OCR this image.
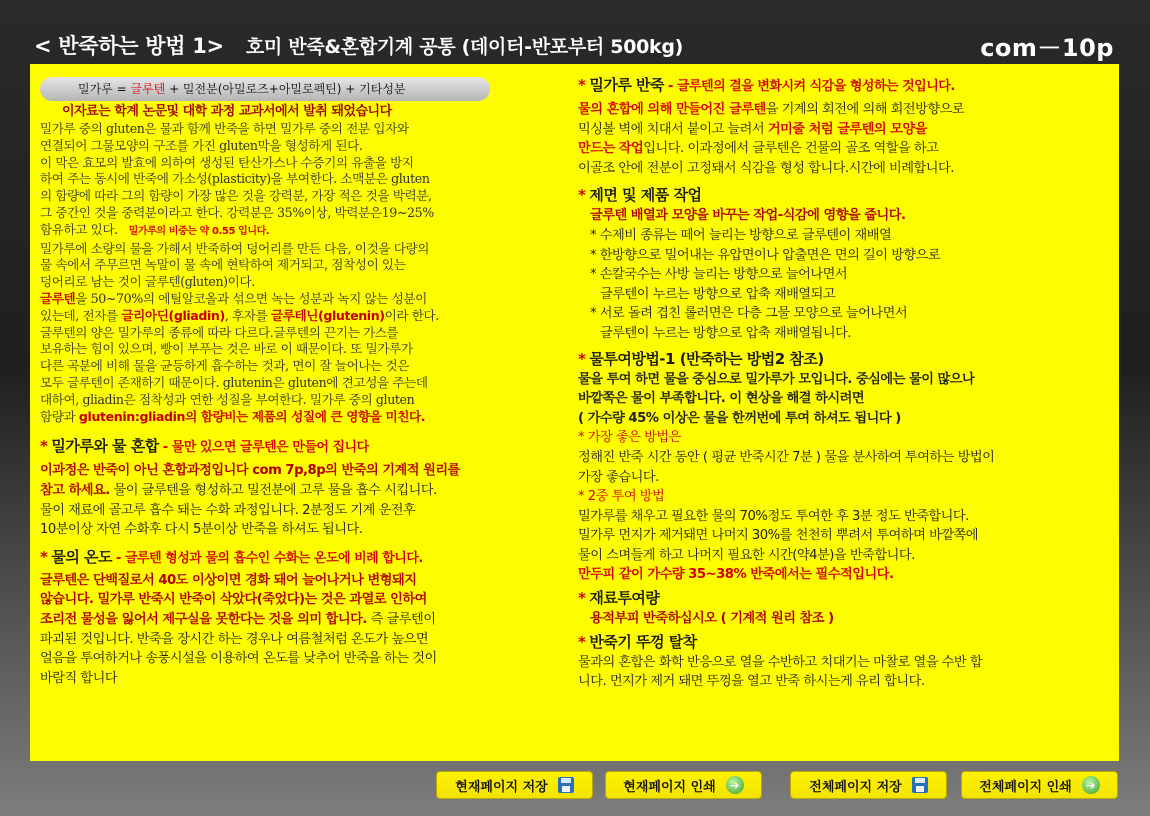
< 반죽하는 방법 1> 호미 반죽&혼합기계 공통 (데이터-반포부터 500kg)	com－10p
밀가루 = 글루텐 + 밀전분(아밀로즈+아밀로펙틴) + 기타성분

이자료는 학계 논문및 대학 과정 교과서에서 발취 돼었습니다

밀가루 중의 gluten은 물과 함께 반죽을 하면 밀가루 중의 전분 입자와

연결되어 그물모양의 구조를 가진 gluten막을 형성하게 된다.

이 막은 효모의 발효에 의하여 생성된 탄산가스나 수증기의 유출을 방지

하여 주는 동시에 반죽에 가소성(plasticity)을 부여한다. 소맥분은 gluten

의 함량에 따라 그의 함량이 가장 많은 것을 강력분, 가장 적은 것을 박력분,

그 중간인 것을 중력분이라고 한다. 강력분은 35%이상, 박력분은19~25%

함유하고 있다. 밀가루의 비중는 약 0.55 입니다.

밀가루에 소량의 물을 가해서 반죽하여 덩어리를 만든 다음, 이것을 다량의

물 속에서 주무르면 녹말이 물 속에 현탁하여 제거되고, 점착성이 있는

덩어리로 남는 것이 글루텐(gluten)이다.

글루텐을 50~70%의 에틸알코올과 섞으면 녹는 성분과 녹지 않는 성분이

있는데, 전자를 글리아딘(gliadin), 후자를 글루테닌(glutenin)이라 한다.

글루텐의 양은 밀가루의 종류에 따라 다르다.글루텐의 끈기는 가스를

보유하는 힘이 있으며, 빵이 부푸는 것은 바로 이 때문이다. 또 밀가루가

다른 곡분에 비해 물을 균등하게 흡수하는 것과, 면이 잘 늘어나는 것은

모두 글루텐이 존재하기 때문이다. glutenin은 gluten에 견고성을 주는데

대하여, gliadin은 점착성과 연한 성질을 부여한다. 밀가루 중의 gluten

함량과 glutenin:gliadin의 함량비는 제품의 성질에 큰 영향을 미친다.

* 밀가루와 물 혼합 - 물만 있으면 글루텐은 만들어 집니다

이과정은 반죽이 아닌 혼합과정입니다 com 7p,8p의 반죽의 기계적 원리를

참고 하세요. 물이 글루텐을 형성하고 밀전분에 고루 물을 흡수 시킵니다.

물이 재료에 골고루 흡수 돼는 수화 과정입니다. 2분정도 기계 운전후

10분이상 자연 수화후 다시 5분이상 반죽을 하셔도 됩니다.

* 물의 온도 - 글루텐 형성과 물의 흡수인 수화는 온도에 비례 합니다.

글루텐은 단백질로서 40도 이상이면 경화 돼어 늘어나거나 변형돼지

않습니다. 밀가루 반죽시 반죽이 삭았다(죽었다)는 것은 과열로 인하여

조리전 물성을 잃어서 제구실을 못한다는 것을 의미 합니다. 즉 글루텐이

파괴된 것입니다. 반죽을 장시간 하는 경우나 여름철처럼 온도가 높으면

얼음을 투여하거나 송풍시설을 이용하여 온도를 낮추어 반죽을 하는 것이

바람직 합니다

* 밀가루 반죽 - 글루텐의 결을 변화시켜 식감을 형성하는 것입니다.

물의 혼합에 의해 만들어진 글루텐을 기계의 회전에 의해 회전방향으로

믹싱볼 벽에 치대서 붙이고 늘려서 거미줄 처럼 글루텐의 모양을

만드는 작업입니다. 이과정에서 글루텐은 건물의 골조 역할을 하고

이골조 안에 전분이 고정돼서 식감을 형성 합니다.시간에 비례합니다.

* 제면 및 제품 작업

글루텐 배열과 모양을 바꾸는 작업-식감에 영향을 줍니다.

* 수제비 종류는 떼어 늘리는 방향으로 글루텐이 재배열

* 한방향으로 밀어내는 유압면이나 압출면은 면의 길이 방향으로

* 손칼국수는 사방 늘리는 방향으로 늘어나면서

글루텐이 누르는 방향으로 압축 재배열되고

* 서로 돌려 겹친 롤러면은 다층 그물 모양으로 늘어나면서

글루텐이 누르는 방향으로 압축 재배열됩니다.

* 물투여방법-1 (반죽하는 방법2 참조)

물을 투여 하면 물을 중심으로 밀가루가 모입니다. 중심에는 물이 많으나

바깥쪽은 물이 부족합니다. 이 현상을 해결 하시려면

( 가수량 45% 이상은 물을 한꺼번에 투여 하셔도 됩니다 )

* 가장 좋은 방법은

정해진 반죽 시간 동안 ( 평균 반죽시간 7분 ) 물을 분사하여 투여하는 방법이

가장 좋습니다.

* 2중 투여 방법

밀가루를 채우고 필요한 물의 70%정도 투여한 후 3분 정도 반죽합니다.

밀가루 먼지가 제거돼면 나머지 30%를 천천히 뿌려서 투여하며 바깥쪽에

물이 스며들게 하고 나머지 필요한 시간(약4분)을 반죽합니다.

만두피 같이 가수량 35~38% 반죽에서는 필수적입니다.

* 재료투여량

용적부피 반죽하십시오 ( 기계적 원리 참조 )

* 반죽기 뚜껑 탈착

물과의 혼합은 화학 반응으로 열을 수반하고 치대기는 마찰로 열을 수반 합

니다. 먼지가 제거 돼면 뚜껑을 열고 반죽 하시는게 유리 합니다.

현재페이지 저장	현재페이지 인쇄	➔	전체페이지 저장	전체페이지 인쇄	➔
